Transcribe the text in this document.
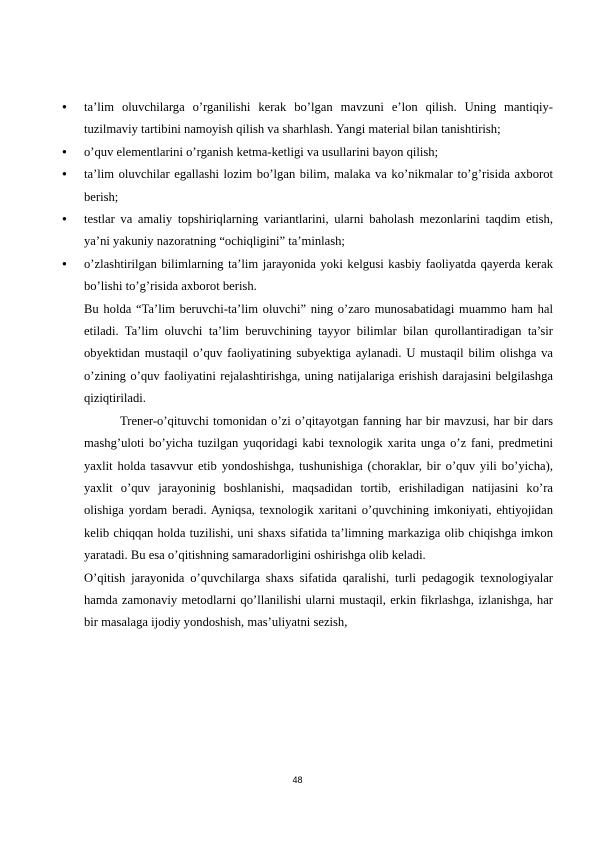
● ta’lim oluvchilarga o’rganilishi kerak bo’lgan mavzuni e’lon qilish. Uning mantiqiy-tuzilmaviy tartibini namoyish qilish va sharhlash. Yangi material bilan tanishtirish;
● o’quv elementlarini o’rganish ketma-ketligi va usullarini bayon qilish;
● ta’lim oluvchilar egallashi lozim bo’lgan bilim, malaka va ko’nikmalar to’g’risida axborot berish;
● testlar va amaliy topshiriqlarning variantlarini, ularni baholash mezonlarini taqdim etish, ya’ni yakuniy nazoratning “ochiqligini” ta’minlash;
● o’zlashtirilgan bilimlarning ta’lim jarayonida yoki kelgusi kasbiy faoliyatda qayerda kerak bo’lishi to’g’risida axborot berish.

Bu holda “Ta’lim beruvchi-ta’lim oluvchi” ning o’zaro munosabatidagi muammo ham hal etiladi. Ta’lim oluvchi ta’lim beruvchining tayyor bilimlar bilan qurollantiradigan ta’sir obyektidan mustaqil o’quv faoliyatining subyektiga aylanadi. U mustaqil bilim olishga va o’zining o’quv faoliyatini rejalashtirishga, uning natijalariga erishish darajasini belgilashga qiziqtiriladi.

Trener-o’qituvchi tomonidan o’zi o’qitayotgan fanning har bir mavzusi, har bir dars mashg’uloti bo’yicha tuzilgan yuqoridagi kabi texnologik xarita unga o’z fani, predmetini yaxlit holda tasavvur etib yondoshishga, tushunishiga (choraklar, bir o’quv yili bo’yicha), yaxlit o’quv jarayoninig boshlanishi, maqsadidan tortib, erishiladigan natijasini ko’ra olishiga yordam beradi. Ayniqsa, texnologik xaritani o’quvchining imkoniyati, ehtiyojidan kelib chiqqan holda tuzilishi, uni shaxs sifatida ta’limning markaziga olib chiqishga imkon yaratadi. Bu esa o’qitishning samaradorligini oshirishga olib keladi.

O’qitish jarayonida o’quvchilarga shaxs sifatida qaralishi, turli pedagogik texnologiyalar hamda zamonaviy metodlarni qo’llanilishi ularni mustaqil, erkin fikrlashga, izlanishga, har bir masalaga ijodiy yondoshish, mas’uliyatni sezish,

48
